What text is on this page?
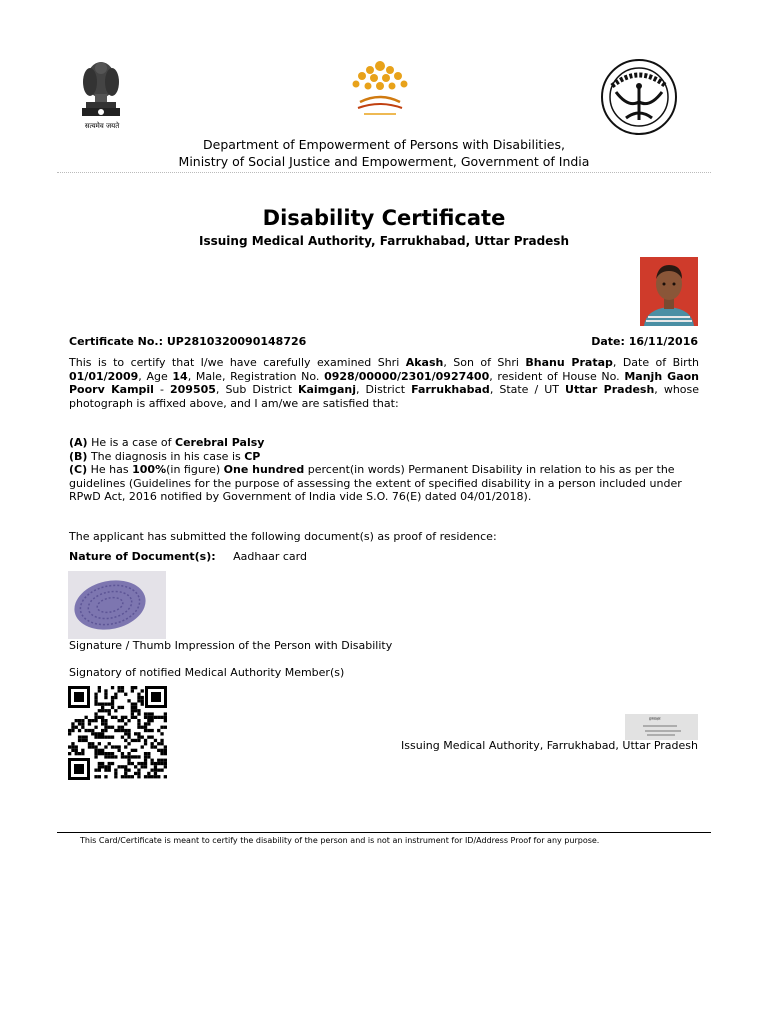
सत्यमेव जयते
Department of Empowerment of Persons with Disabilities,
Ministry of Social Justice and Empowerment, Government of India
Disability Certificate
Issuing Medical Authority, Farrukhabad, Uttar Pradesh
Certificate No.: UP2810320090148726	Date: 16/11/2016
This is to certify that I/we have carefully examined Shri Akash, Son of Shri Bhanu Pratap, Date of Birth 01/01/2009, Age 14, Male, Registration No. 0928/00000/2301/0927400, resident of House No. Manjh Gaon Poorv Kampil - 209505, Sub District Kaimganj, District Farrukhabad, State / UT Uttar Pradesh, whose photograph is affixed above, and I am/we are satisfied that:
(A) He is a case of Cerebral Palsy
(B) The diagnosis in his case is CP
(C) He has 100%(in figure) One hundred percent(in words) Permanent Disability in relation to his as per the guidelines (Guidelines for the purpose of assessing the extent of specified disability in a person included under RPwD Act, 2016 notified by Government of India vide S.O. 76(E) dated 04/01/2018).
The applicant has submitted the following document(s) as proof of residence:
Nature of Document(s): Aadhaar card
Signature / Thumb Impression of the Person with Disability
Signatory of notified Medical Authority Member(s)
हस्ताक्षर
Issuing Medical Authority, Farrukhabad, Uttar Pradesh
This Card/Certificate is meant to certify the disability of the person and is not an instrument for ID/Address Proof for any purpose.
